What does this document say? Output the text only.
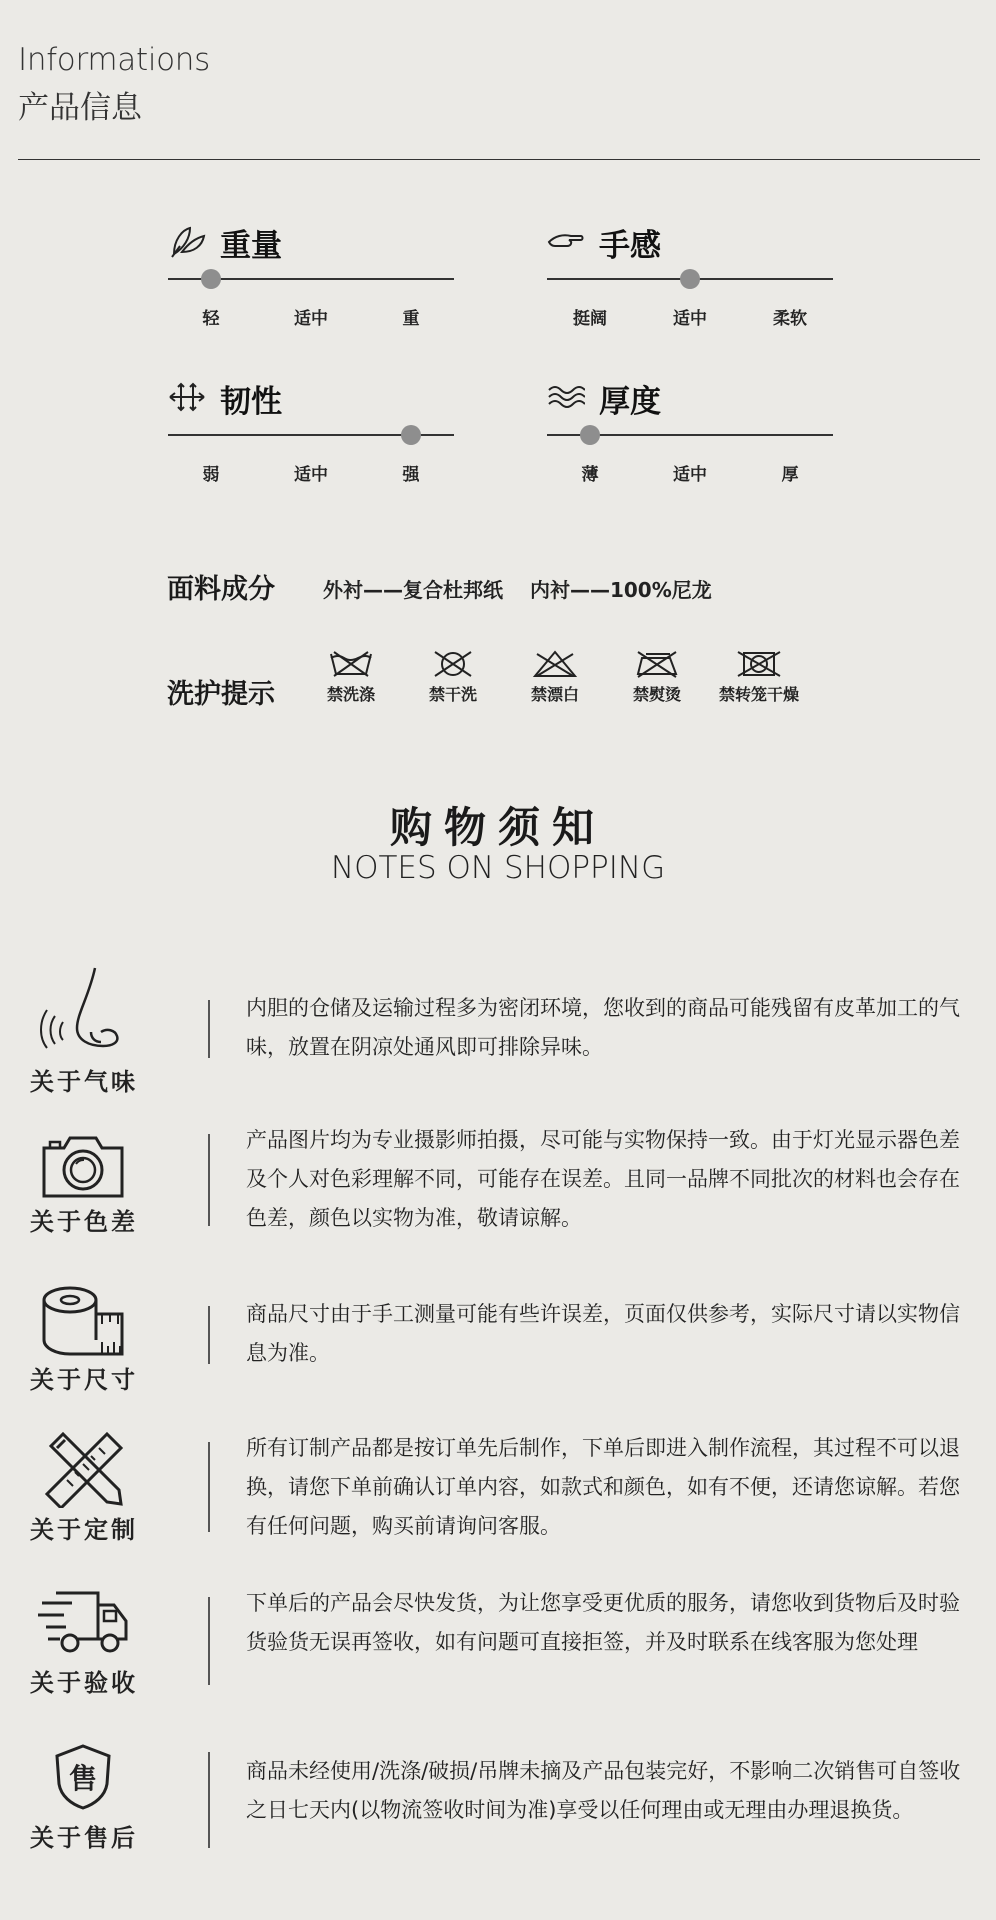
Informations
产品信息
重量
轻	适中	重
手感
挺阔	适中	柔软
韧性
弱	适中	强
厚度
薄	适中	厚
面料成分 外衬——复合杜邦纸　 内衬——100%尼龙
洗护提示	禁洗涤	禁干洗	禁漂白	禁熨烫	禁转笼干燥
购物须知
NOTES ON SHOPPING
关于气味
内胆的仓储及运输过程多为密闭环境，您收到的商品可能残留有皮革加工的气味，放置在阴凉处通风即可排除异味。
关于色差
产品图片均为专业摄影师拍摄，尽可能与实物保持一致。由于灯光显示器色差及个人对色彩理解不同，可能存在误差。且同一品牌不同批次的材料也会存在色差，颜色以实物为准，敬请谅解。
关于尺寸
商品尺寸由于手工测量可能有些许误差，页面仅供参考，实际尺寸请以实物信息为准。
关于定制
所有订制产品都是按订单先后制作，下单后即进入制作流程，其过程不可以退换，请您下单前确认订单内容，如款式和颜色，如有不便，还请您谅解。若您有任何问题，购买前请询问客服。
关于验收
下单后的产品会尽快发货，为让您享受更优质的服务，请您收到货物后及时验货验货无误再签收，如有问题可直接拒签，并及时联系在线客服为您处理
售
关于售后
商品未经使用/洗涤/破损/吊牌未摘及产品包装完好，不影响二次销售可自签收之日七天内(以物流签收时间为准)享受以任何理由或无理由办理退换货。
